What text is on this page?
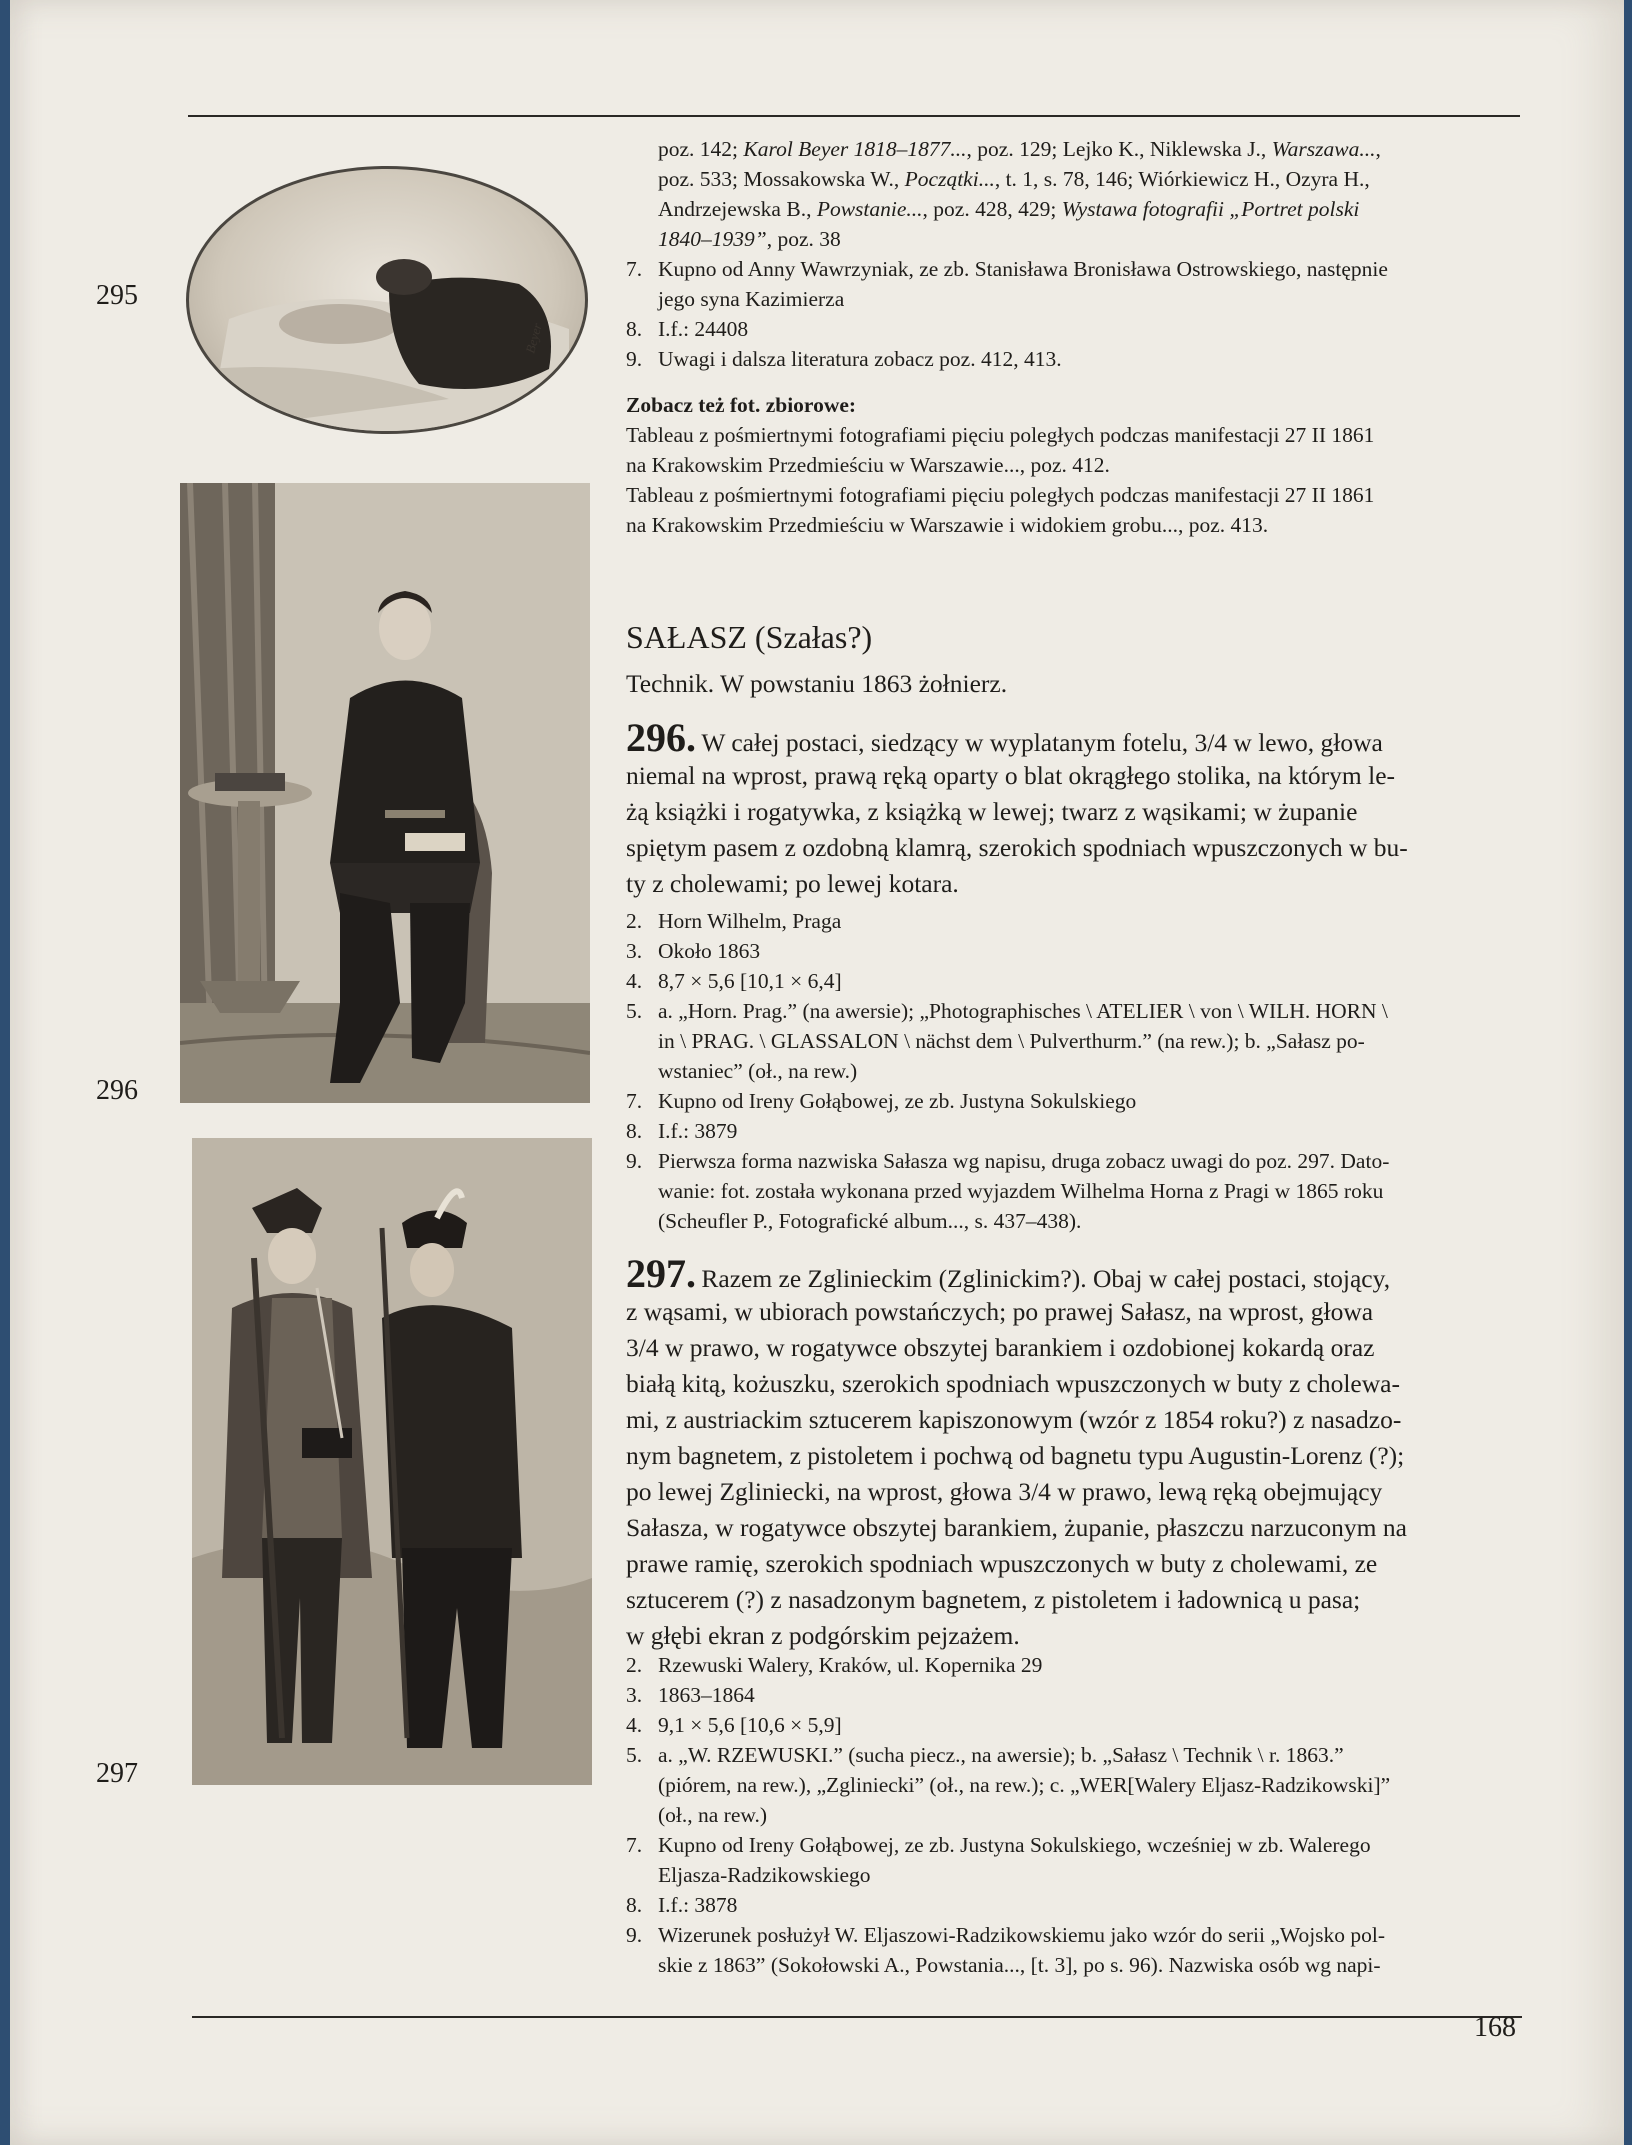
295
296
297
Beyer
poz. 142; Karol Beyer 1818–1877..., poz. 129; Lejko K., Niklewska J., Warszawa...,
poz. 533; Mossakowska W., Początki..., t. 1, s. 78, 146; Wiórkiewicz H., Ozyra H.,
Andrzejewska B., Powstanie..., poz. 428, 429; Wystawa fotografii „Portret polski
1840–1939”, poz. 38
7. Kupno od Anny Wawrzyniak, ze zb. Stanisława Bronisława Ostrowskiego, następnie
jego syna Kazimierza
8. I.f.: 24408
9. Uwagi i dalsza literatura zobacz poz. 412, 413.
Zobacz też fot. zbiorowe:
Tableau z pośmiertnymi fotografiami pięciu poległych podczas manifestacji 27 II 1861
na Krakowskim Przedmieściu w Warszawie..., poz. 412.
Tableau z pośmiertnymi fotografiami pięciu poległych podczas manifestacji 27 II 1861
na Krakowskim Przedmieściu w Warszawie i widokiem grobu..., poz. 413.
SAŁASZ (Szałas?)
Technik. W powstaniu 1863 żołnierz.
296. W całej postaci, siedzący w wyplatanym fotelu, 3/4 w lewo, głowa
niemal na wprost, prawą ręką oparty o blat okrągłego stolika, na którym le-
żą książki i rogatywka, z książką w lewej; twarz z wąsikami; w żupanie
spiętym pasem z ozdobną klamrą, szerokich spodniach wpuszczonych w bu-
ty z cholewami; po lewej kotara.
2. Horn Wilhelm, Praga
3. Około 1863
4. 8,7 × 5,6 [10,1 × 6,4]
5. a. „Horn. Prag.” (na awersie); „Photographisches \ ATELIER \ von \ WILH. HORN \
in \ PRAG. \ GLASSALON \ nächst dem \ Pulverthurm.” (na rew.); b. „Sałasz po-
wstaniec” (oł., na rew.)
7. Kupno od Ireny Gołąbowej, ze zb. Justyna Sokulskiego
8. I.f.: 3879
9. Pierwsza forma nazwiska Sałasza wg napisu, druga zobacz uwagi do poz. 297. Dato-
wanie: fot. została wykonana przed wyjazdem Wilhelma Horna z Pragi w 1865 roku
(Scheufler P., Fotografické album..., s. 437–438).
297. Razem ze Zglinieckim (Zglinickim?). Obaj w całej postaci, stojący,
z wąsami, w ubiorach powstańczych; po prawej Sałasz, na wprost, głowa
3/4 w prawo, w rogatywce obszytej barankiem i ozdobionej kokardą oraz
białą kitą, kożuszku, szerokich spodniach wpuszczonych w buty z cholewa-
mi, z austriackim sztucerem kapiszonowym (wzór z 1854 roku?) z nasadzo-
nym bagnetem, z pistoletem i pochwą od bagnetu typu Augustin-Lorenz (?);
po lewej Zgliniecki, na wprost, głowa 3/4 w prawo, lewą ręką obejmujący
Sałasza, w rogatywce obszytej barankiem, żupanie, płaszczu narzuconym na
prawe ramię, szerokich spodniach wpuszczonych w buty z cholewami, ze
sztucerem (?) z nasadzonym bagnetem, z pistoletem i ładownicą u pasa;
w głębi ekran z podgórskim pejzażem.
2. Rzewuski Walery, Kraków, ul. Kopernika 29
3. 1863–1864
4. 9,1 × 5,6 [10,6 × 5,9]
5. a. „W. RZEWUSKI.” (sucha piecz., na awersie); b. „Sałasz \ Technik \ r. 1863.”
(piórem, na rew.), „Zgliniecki” (oł., na rew.); c. „WER[Walery Eljasz-Radzikowski]”
(oł., na rew.)
7. Kupno od Ireny Gołąbowej, ze zb. Justyna Sokulskiego, wcześniej w zb. Walerego
Eljasza-Radzikowskiego
8. I.f.: 3878
9. Wizerunek posłużył W. Eljaszowi-Radzikowskiemu jako wzór do serii „Wojsko pol-
skie z 1863” (Sokołowski A., Powstania..., [t. 3], po s. 96). Nazwiska osób wg napi-
168
